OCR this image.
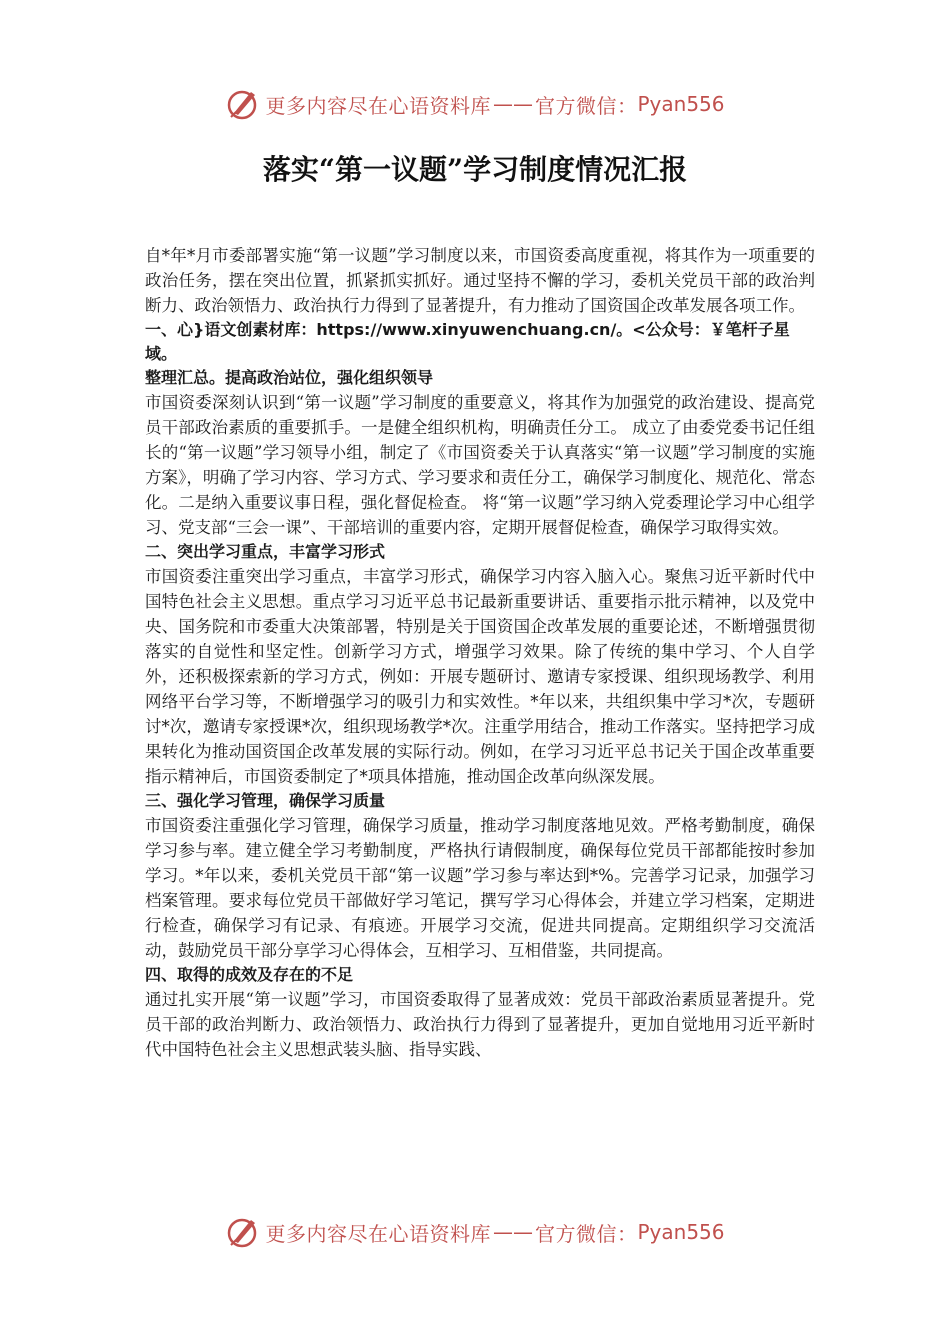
更多内容尽在心语资料库 —— 官方微信： Pyan556
落实“第一议题”学习制度情况汇报

自*年*月市委部署实施“第一议题”学习制度以来，市国资委高度重视，将其作为一项重要的政治任务，摆在突出位置，抓紧抓实抓好。通过坚持不懈的学习，委机关党员干部的政治判断力、政治领悟力、政治执行力得到了显著提升，有力推动了国资国企改革发展各项工作。

一、心}语文创素材库：https://www.xinyuwenchuang.cn/。<公众号：￥笔杆子星域。
整理汇总。提高政治站位，强化组织领导

市国资委深刻认识到“第一议题”学习制度的重要意义，将其作为加强党的政治建设、提高党员干部政治素质的重要抓手。一是健全组织机构，明确责任分工。 成立了由委党委书记任组长的“第一议题”学习领导小组，制定了《市国资委关于认真落实“第一议题”学习制度的实施方案》，明确了学习内容、学习方式、学习要求和责任分工，确保学习制度化、规范化、常态化。二是纳入重要议事日程，强化督促检查。 将“第一议题”学习纳入党委理论学习中心组学习、党支部“三会一课”、干部培训的重要内容，定期开展督促检查，确保学习取得实效。

二、突出学习重点，丰富学习形式

市国资委注重突出学习重点，丰富学习形式，确保学习内容入脑入心。聚焦习近平新时代中国特色社会主义思想。重点学习习近平总书记最新重要讲话、重要指示批示精神，以及党中央、国务院和市委重大决策部署，特别是关于国资国企改革发展的重要论述，不断增强贯彻落实的自觉性和坚定性。创新学习方式，增强学习效果。除了传统的集中学习、个人自学外，还积极探索新的学习方式，例如：开展专题研讨、邀请专家授课、组织现场教学、利用网络平台学习等，不断增强学习的吸引力和实效性。*年以来，共组织集中学习*次，专题研讨*次，邀请专家授课*次，组织现场教学*次。注重学用结合，推动工作落实。坚持把学习成果转化为推动国资国企改革发展的实际行动。例如，在学习习近平总书记关于国企改革重要指示精神后，市国资委制定了*项具体措施，推动国企改革向纵深发展。

三、强化学习管理，确保学习质量

市国资委注重强化学习管理，确保学习质量，推动学习制度落地见效。严格考勤制度，确保学习参与率。建立健全学习考勤制度，严格执行请假制度，确保每位党员干部都能按时参加学习。*年以来，委机关党员干部“第一议题”学习参与率达到*%。完善学习记录，加强学习档案管理。要求每位党员干部做好学习笔记，撰写学习心得体会，并建立学习档案，定期进行检查，确保学习有记录、有痕迹。开展学习交流，促进共同提高。定期组织学习交流活动，鼓励党员干部分享学习心得体会，互相学习、互相借鉴，共同提高。

四、取得的成效及存在的不足

通过扎实开展“第一议题”学习，市国资委取得了显著成效：党员干部政治素质显著提升。党员干部的政治判断力、政治领悟力、政治执行力得到了显著提升，更加自觉地用习近平新时代中国特色社会主义思想武装头脑、指导实践、

更多内容尽在心语资料库 —— 官方微信： Pyan556
